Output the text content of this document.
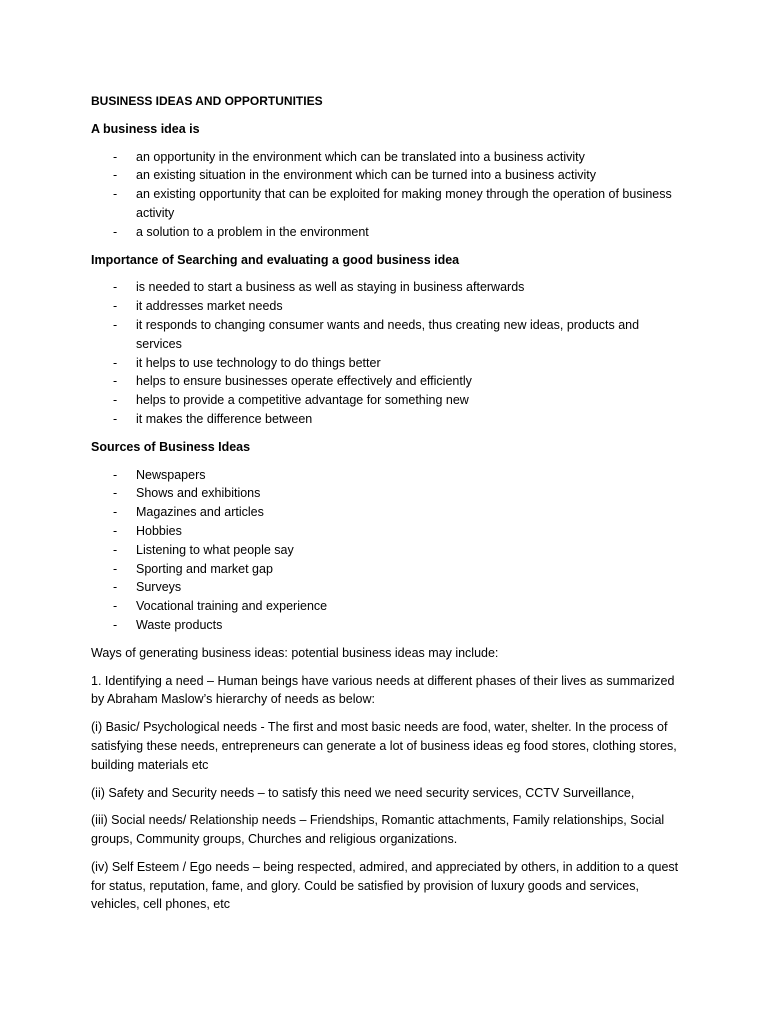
BUSINESS IDEAS AND OPPORTUNITIES
A business idea is
- an opportunity in the environment which can be translated into a business activity
- an existing situation in the environment which can be turned into a business activity
- an existing opportunity that can be exploited for making money through the operation of business activity
- a solution to a problem in the environment
Importance of Searching and evaluating a good business idea
- is needed to start a business as well as staying in business afterwards
- it addresses market needs
- it responds to changing consumer wants and needs, thus creating new ideas, products and services
- it helps to use technology to do things better
- helps to ensure businesses operate effectively and efficiently
- helps to provide a competitive advantage for something new
- it makes the difference between
Sources of Business Ideas
- Newspapers
- Shows and exhibitions
- Magazines and articles
- Hobbies
- Listening to what people say
- Sporting and market gap
- Surveys
- Vocational training and experience
- Waste products

Ways of generating business ideas: potential business ideas may include:

1. Identifying a need – Human beings have various needs at different phases of their lives as summarized by Abraham Maslow’s hierarchy of needs as below:

(i) Basic/ Psychological needs - The first and most basic needs are food, water, shelter. In the process of satisfying these needs, entrepreneurs can generate a lot of business ideas eg food stores, clothing stores, building materials etc

(ii) Safety and Security needs – to satisfy this need we need security services, CCTV Surveillance,

(iii) Social needs/ Relationship needs – Friendships, Romantic attachments, Family relationships, Social groups, Community groups, Churches and religious organizations.

(iv) Self Esteem / Ego needs – being respected, admired, and appreciated by others, in addition to a quest for status, reputation, fame, and glory. Could be satisfied by provision of luxury goods and services, vehicles, cell phones, etc
